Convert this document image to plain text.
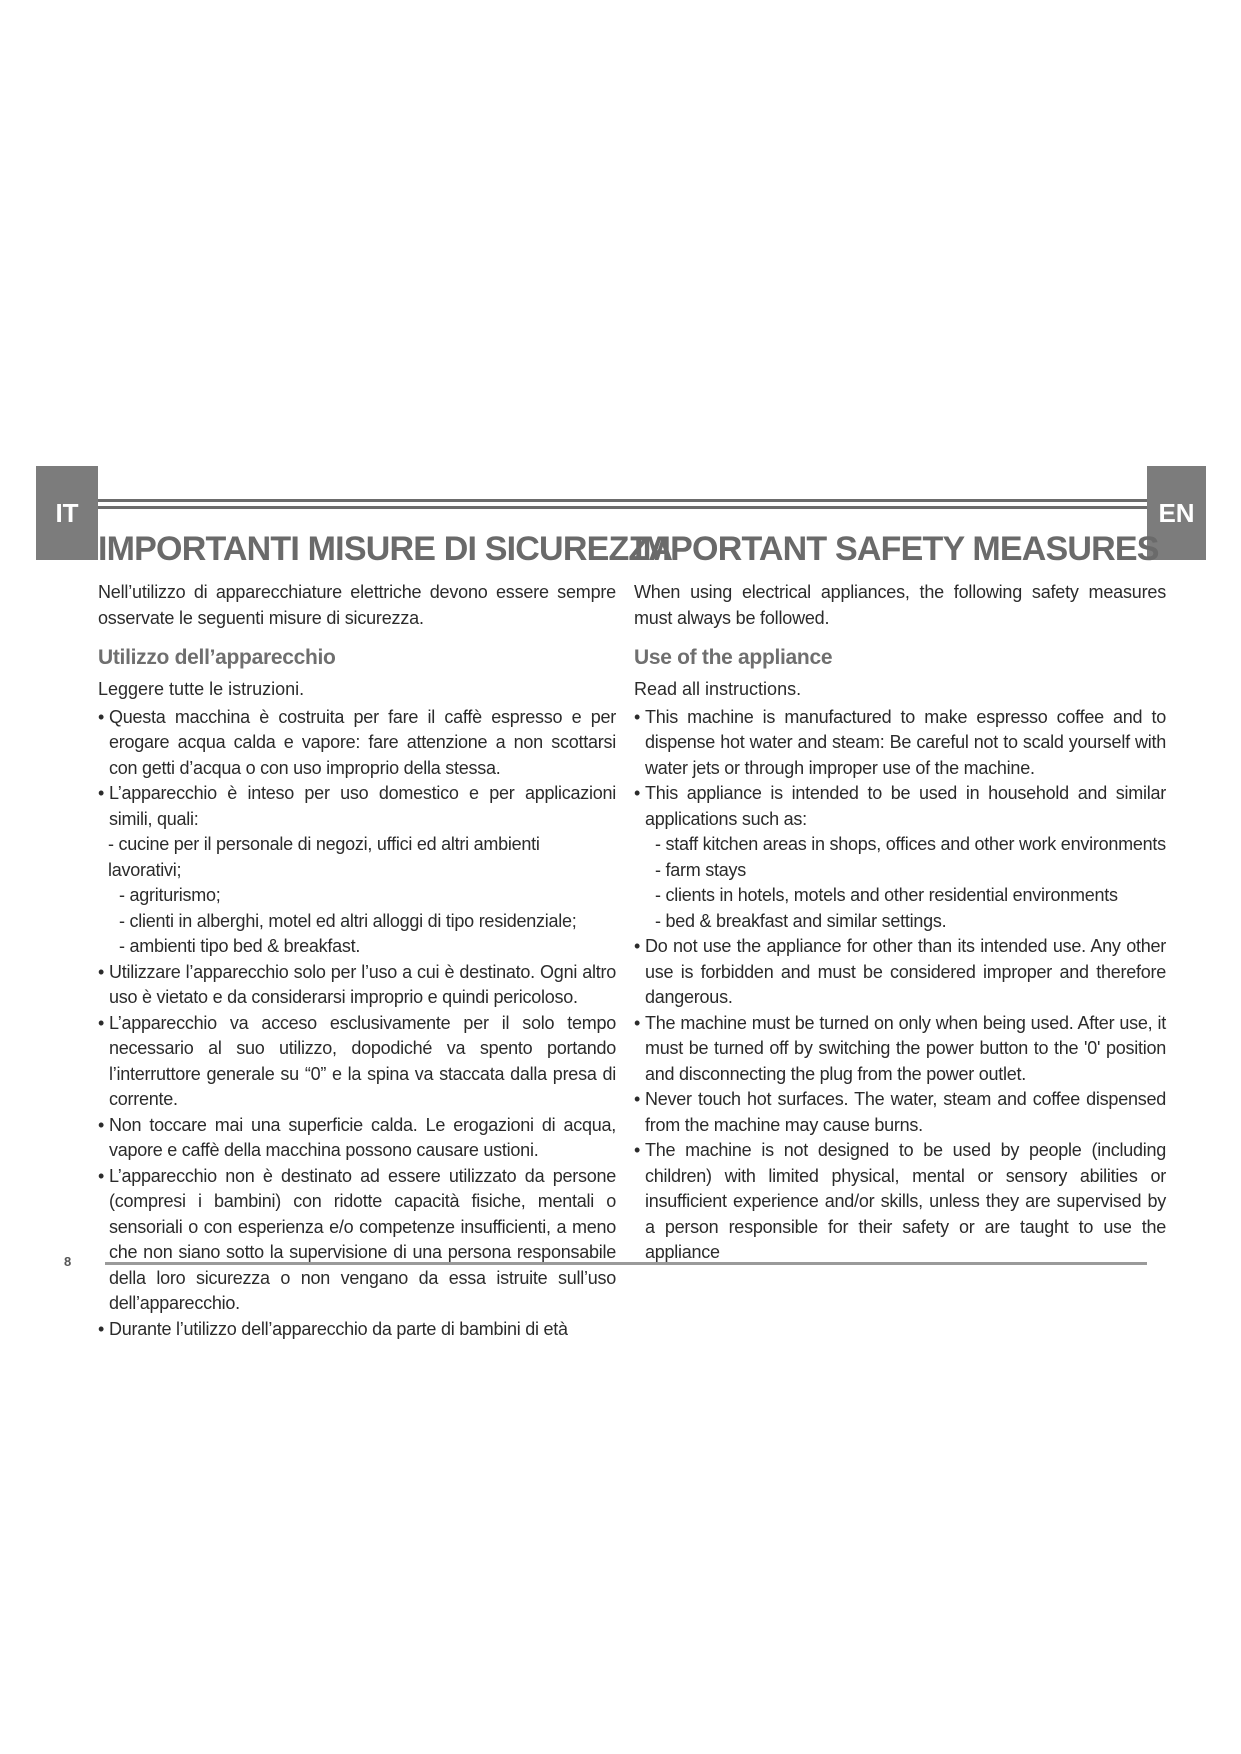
IT	EN
IMPORTANTI MISURE DI SICUREZZA

Nell’utilizzo di apparecchiature elettriche devono essere sempre osservate le seguenti misure di sicurezza.

Utilizzo dell’apparecchio

Leggere tutte le istruzioni.

• Questa macchina è costruita per fare il caffè espresso e per erogare acqua calda e vapore: fare attenzione a non scottarsi con getti d’acqua o con uso improprio della stessa.
• L’apparecchio è inteso per uso domestico e per applicazioni simili, quali:
- cucine per il personale di negozi, uffici ed altri ambienti lavorativi;
- agriturismo;
- clienti in alberghi, motel ed altri alloggi di tipo residenziale;
- ambienti tipo bed & breakfast.
• Utilizzare l’apparecchio solo per l’uso a cui è destinato. Ogni altro uso è vietato e da considerarsi improprio e quindi pericoloso.
• L’apparecchio va acceso esclusivamente per il solo tempo necessario al suo utilizzo, dopodiché va spento portando l’interruttore generale su “0” e la spina va staccata dalla presa di corrente.
• Non toccare mai una superficie calda. Le erogazioni di acqua, vapore e caffè della macchina possono causare ustioni.
• L’apparecchio non è destinato ad essere utilizzato da persone (compresi i bambini) con ridotte capacità fisiche, mentali o sensoriali o con esperienza e/o competenze insufficienti, a meno che non siano sotto la supervisione di una persona responsabile della loro sicurezza o non vengano da essa istruite sull’uso dell’apparecchio.
• Durante l’utilizzo dell’apparecchio da parte di bambini di età
IMPORTANT SAFETY MEASURES

When using electrical appliances, the following safety measures must always be followed.

Use of the appliance

Read all instructions.

• This machine is manufactured to make espresso coffee and to dispense hot water and steam: Be careful not to scald yourself with water jets or through improper use of the machine.
• This appliance is intended to be used in household and similar applications such as:
- staff kitchen areas in shops, offices and other work environments
- farm stays
- clients in hotels, motels and other residential environments
- bed & breakfast and similar settings.
• Do not use the appliance for other than its intended use. Any other use is forbidden and must be considered improper and therefore dangerous.
• The machine must be turned on only when being used. After use, it must be turned off by switching the power button to the '0' position and disconnecting the plug from the power outlet.
• Never touch hot surfaces. The water, steam and coffee dispensed from the machine may cause burns.
• The machine is not designed to be used by people (including children) with limited physical, mental or sensory abilities or insufficient experience and/or skills, unless they are supervised by a person responsible for their safety or are taught to use the appliance
8
